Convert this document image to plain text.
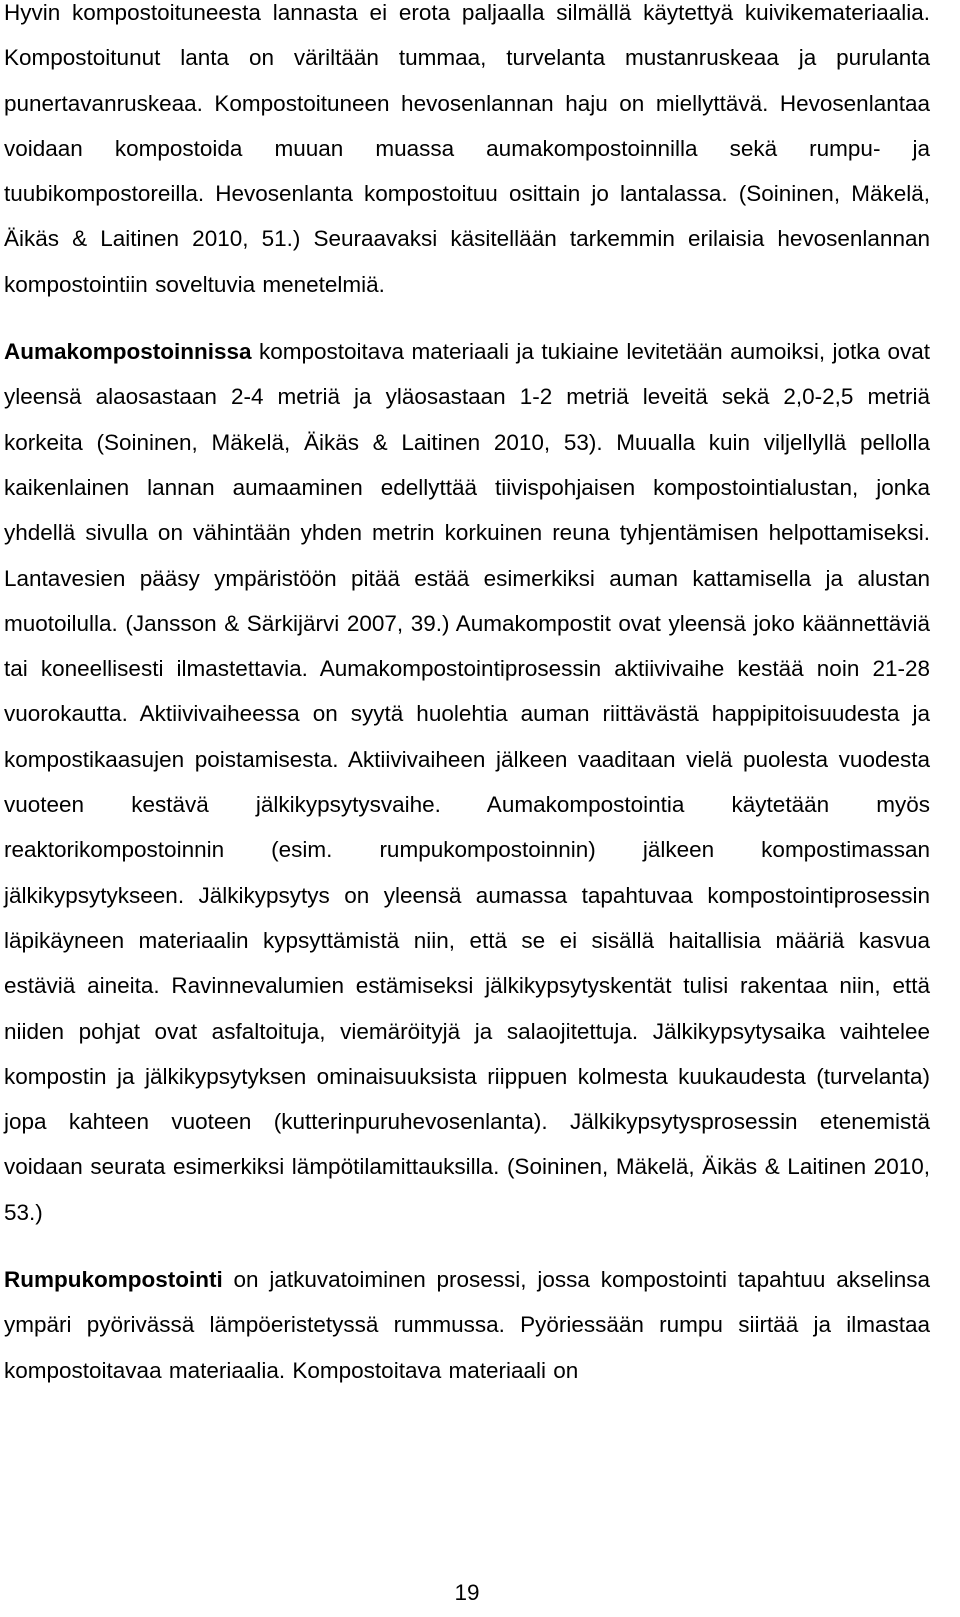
Hyvin kompostoituneesta lannasta ei erota paljaalla silmällä käytettyä kuivikemateriaalia. Kompostoitunut lanta on väriltään tummaa, turvelanta mustanruskeaa ja purulanta punertavanruskeaa. Kompostoituneen hevosenlannan haju on miellyttävä. Hevosenlantaa voidaan kompostoida muuan muassa aumakompostoinnilla sekä rumpu- ja tuubikompostoreilla. Hevosenlanta kompostoituu osittain jo lantalassa. (Soininen, Mäkelä, Äikäs & Laitinen 2010, 51.) Seuraavaksi käsitellään tarkemmin erilaisia hevosenlannan kompostointiin soveltuvia menetelmiä.

Aumakompostoinnissa kompostoitava materiaali ja tukiaine levitetään aumoiksi, jotka ovat yleensä alaosastaan 2-4 metriä ja yläosastaan 1-2 metriä leveitä sekä 2,0-2,5 metriä korkeita (Soininen, Mäkelä, Äikäs & Laitinen 2010, 53). Muualla kuin viljellyllä pellolla kaikenlainen lannan aumaaminen edellyttää tiivispohjaisen kompostointialustan, jonka yhdellä sivulla on vähintään yhden metrin korkuinen reuna tyhjentämisen helpottamiseksi. Lantavesien pääsy ympäristöön pitää estää esimerkiksi auman kattamisella ja alustan muotoilulla. (Jansson & Särkijärvi 2007, 39.) Aumakompostit ovat yleensä joko käännettäviä tai koneellisesti ilmastettavia. Aumakompostointiprosessin aktiivivaihe kestää noin 21-28 vuorokautta. Aktiivivaiheessa on syytä huolehtia auman riittävästä happipitoisuudesta ja kompostikaasujen poistamisesta. Aktiivivaiheen jälkeen vaaditaan vielä puolesta vuodesta vuoteen kestävä jälkikypsytysvaihe. Aumakompostointia käytetään myös reaktorikompostoinnin (esim. rumpukompostoinnin) jälkeen kompostimassan jälkikypsytykseen. Jälkikypsytys on yleensä aumassa tapahtuvaa kompostointiprosessin läpikäyneen materiaalin kypsyttämistä niin, että se ei sisällä haitallisia määriä kasvua estäviä aineita. Ravinnevalumien estämiseksi jälkikypsytyskentät tulisi rakentaa niin, että niiden pohjat ovat asfaltoituja, viemäröityjä ja salaojitettuja. Jälkikypsytysaika vaihtelee kompostin ja jälkikypsytyksen ominaisuuksista riippuen kolmesta kuukaudesta (turvelanta) jopa kahteen vuoteen (kutterinpuruhevosenlanta). Jälkikypsytysprosessin etenemistä voidaan seurata esimerkiksi lämpötilamittauksilla. (Soininen, Mäkelä, Äikäs & Laitinen 2010, 53.)

Rumpukompostointi on jatkuvatoiminen prosessi, jossa kompostointi tapahtuu akselinsa ympäri pyörivässä lämpöeristetyssä rummussa. Pyöriessään rumpu siirtää ja ilmastaa kompostoitavaa materiaalia. Kompostoitava materiaali on

19
